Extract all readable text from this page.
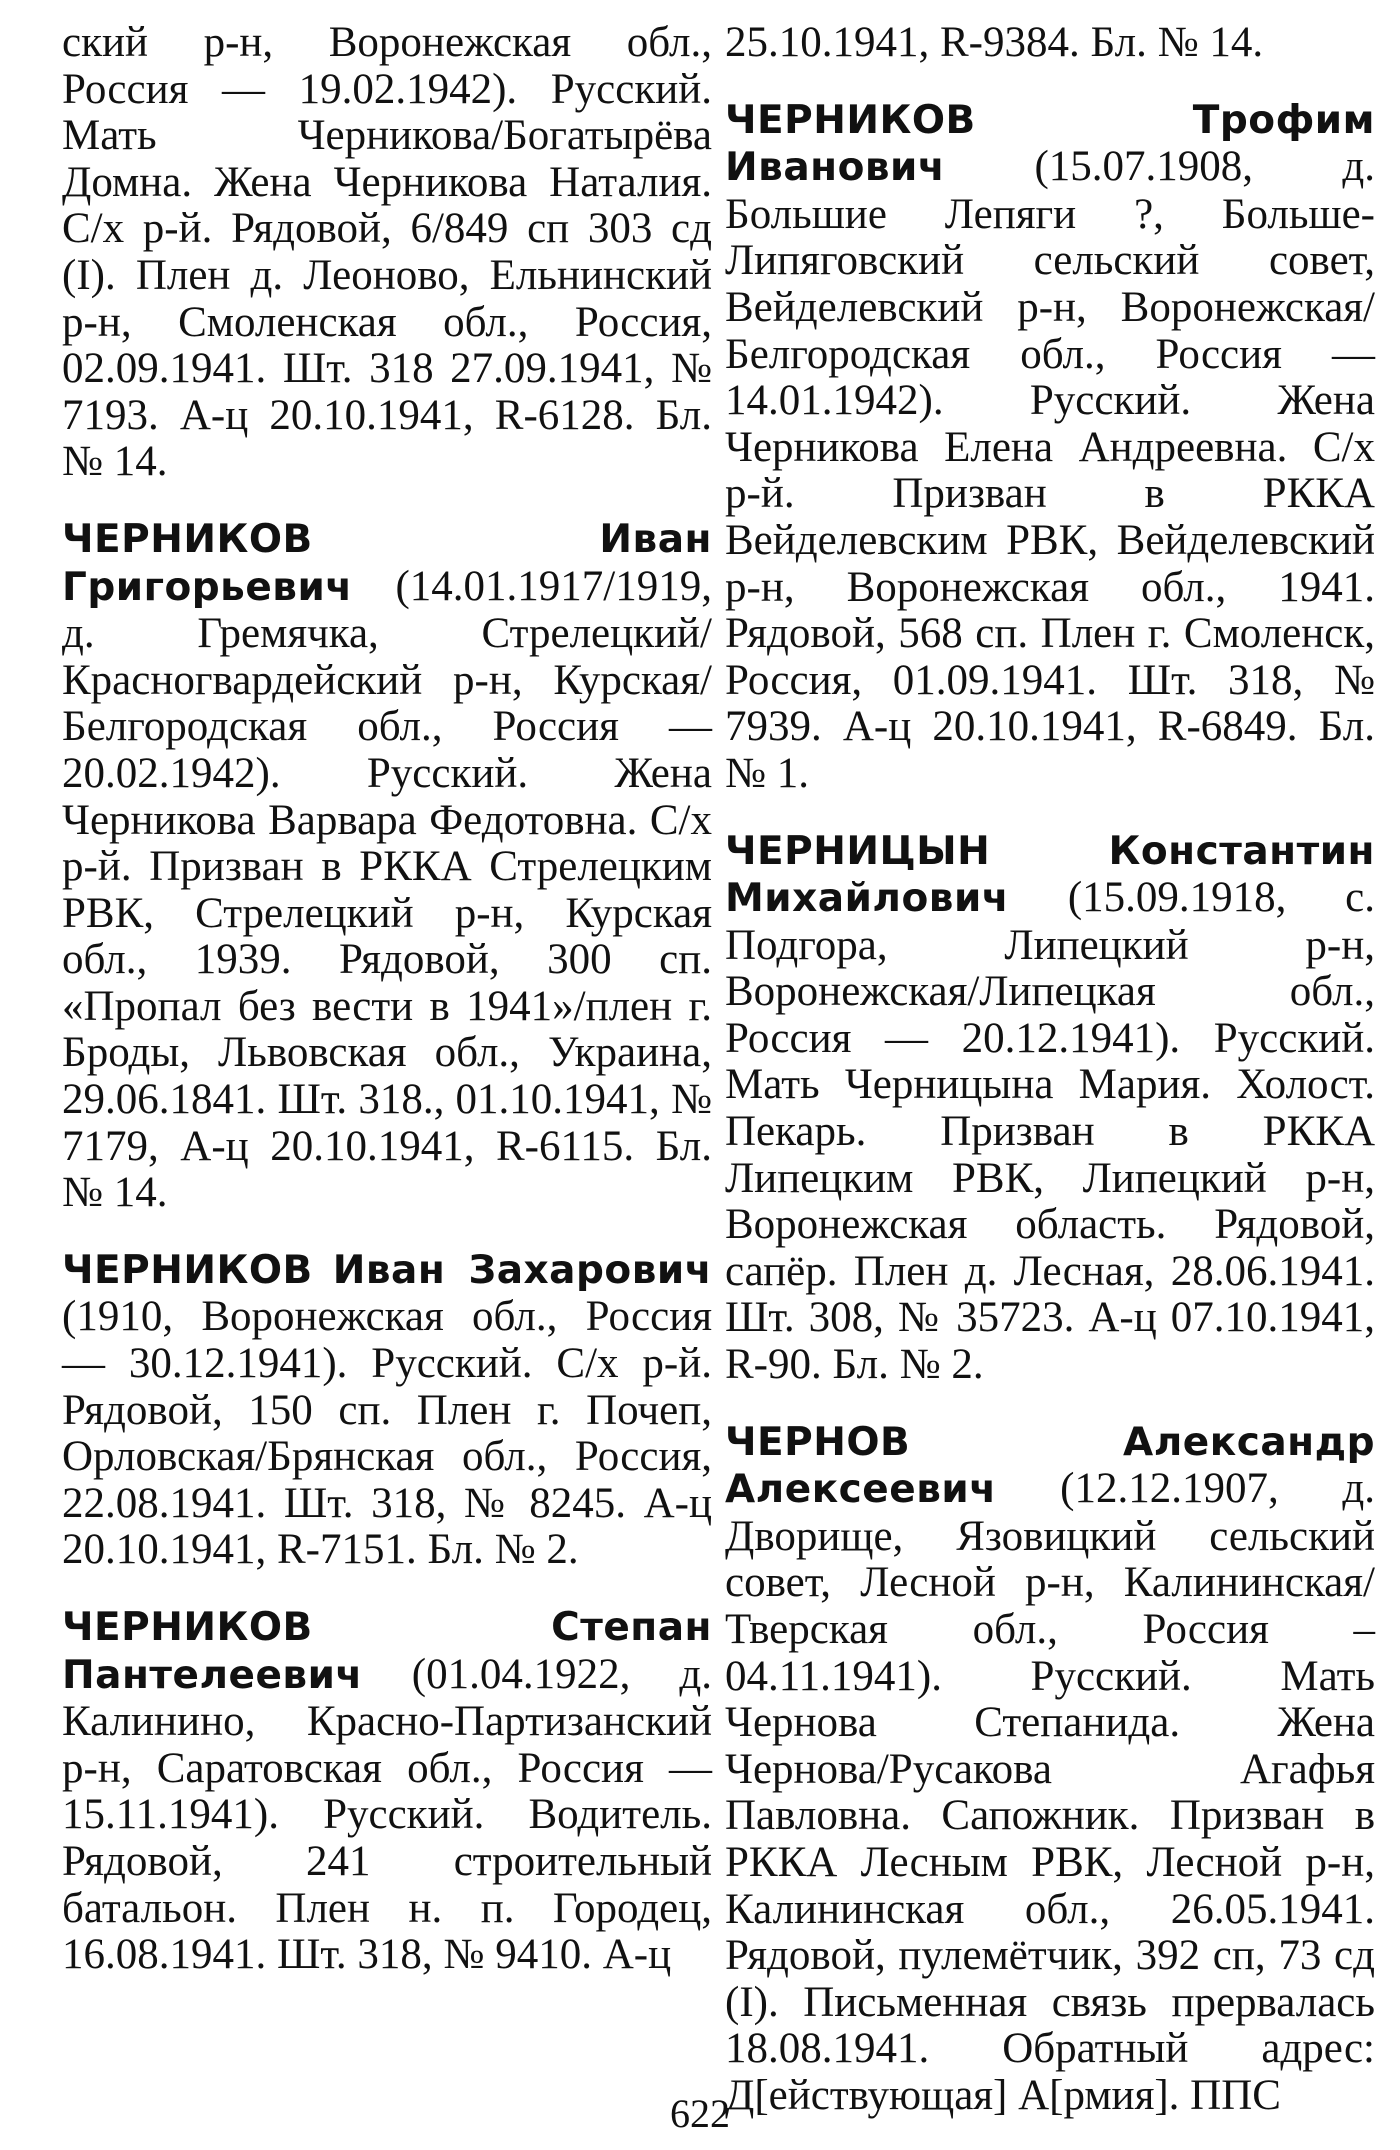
ский р-н, Воронежская обл., Россия — 19.02.1942). Русский. Мать Черникова/Богатырёва Домна. Жена Черникова Наталия. С/х р-й. Рядовой, 6/849 сп 303 сд (I). Плен д. Леоново, Ельнинский р-н, Смоленская обл., Россия, 02.09.1941. Шт. 318 27.09.1941, № 7193. А-ц 20.10.1941, R-6128. Бл. № 14.

ЧЕРНИКОВ	Иван Григорьевич (14.01.1917/1919, д. Гремячка, Стрелецкий/Красногвардейский р-н, Курская/Белгородская обл., Россия — 20.02.1942). Русский. Жена Черникова Варвара Федотовна. С/х р-й. Призван в РККА Стрелецким РВК, Стрелецкий р-н, Курская обл., 1939. Рядовой, 300 сп. «Пропал без вести в 1941»/плен г. Броды, Львовская обл., Украина, 29.06.1841. Шт. 318., 01.10.1941, № 7179, А-ц 20.10.1941, R-6115. Бл. № 14.

ЧЕРНИКОВ Иван Захарович (1910, Воронежская обл., Россия — 30.12.1941). Русский. С/х р-й. Рядовой, 150 сп. Плен г. Почеп, Орловская/Брянская обл., Россия, 22.08.1941. Шт. 318, № 8245. А-ц 20.10.1941, R-7151. Бл. № 2.

ЧЕРНИКОВ	Степан Пантелеевич (01.04.1922, д. Калинино, Красно-Партизанский р-н, Саратовская обл., Россия — 15.11.1941). Русский. Водитель. Рядовой, 241 строительный батальон. Плен н. п. Городец, 16.08.1941. Шт. 318, № 9410. А-ц

25.10.1941, R-9384. Бл. № 14.

ЧЕРНИКОВ	Трофим Иванович (15.07.1908, д. Большие Лепяги ?, Больше-Липяговский сельский совет, Вейделевский р-н, Воронежская/Белгородская обл., Россия — 14.01.1942). Русский. Жена Черникова Елена Андреевна. С/х р-й. Призван в РККА Вейделевским РВК, Вейделевский р-н, Воронежская обл., 1941. Рядовой, 568 сп. Плен г. Смоленск, Россия, 01.09.1941. Шт. 318, № 7939. А-ц 20.10.1941, R-6849. Бл. № 1.

ЧЕРНИЦЫН	Константин Михайлович (15.09.1918, с. Подгора, Липецкий р-н, Воронежская/Липецкая обл., Россия — 20.12.1941). Русский. Мать Черницына Мария. Холост. Пекарь. Призван в РККА Липецким РВК, Липецкий р-н, Воронежская область. Рядовой, сапёр. Плен д. Лесная, 28.06.1941. Шт. 308, № 35723. А-ц 07.10.1941, R-90. Бл. № 2.

ЧЕРНОВ	Александр Алексеевич (12.12.1907, д. Дворище, Язовицкий сельский совет, Лесной р-н, Калининская/Тверская обл., Россия – 04.11.1941). Русский. Мать Чернова Степанида. Жена Чернова/Русакова Агафья Павловна. Сапожник. Призван в РККА Лесным РВК, Лесной р-н, Калининская обл., 26.05.1941. Рядовой, пулемётчик, 392 сп, 73 сд (I). Письменная связь прервалась 18.08.1941. Обратный адрес: Д[ействующая] А[рмия]. ППС

622
